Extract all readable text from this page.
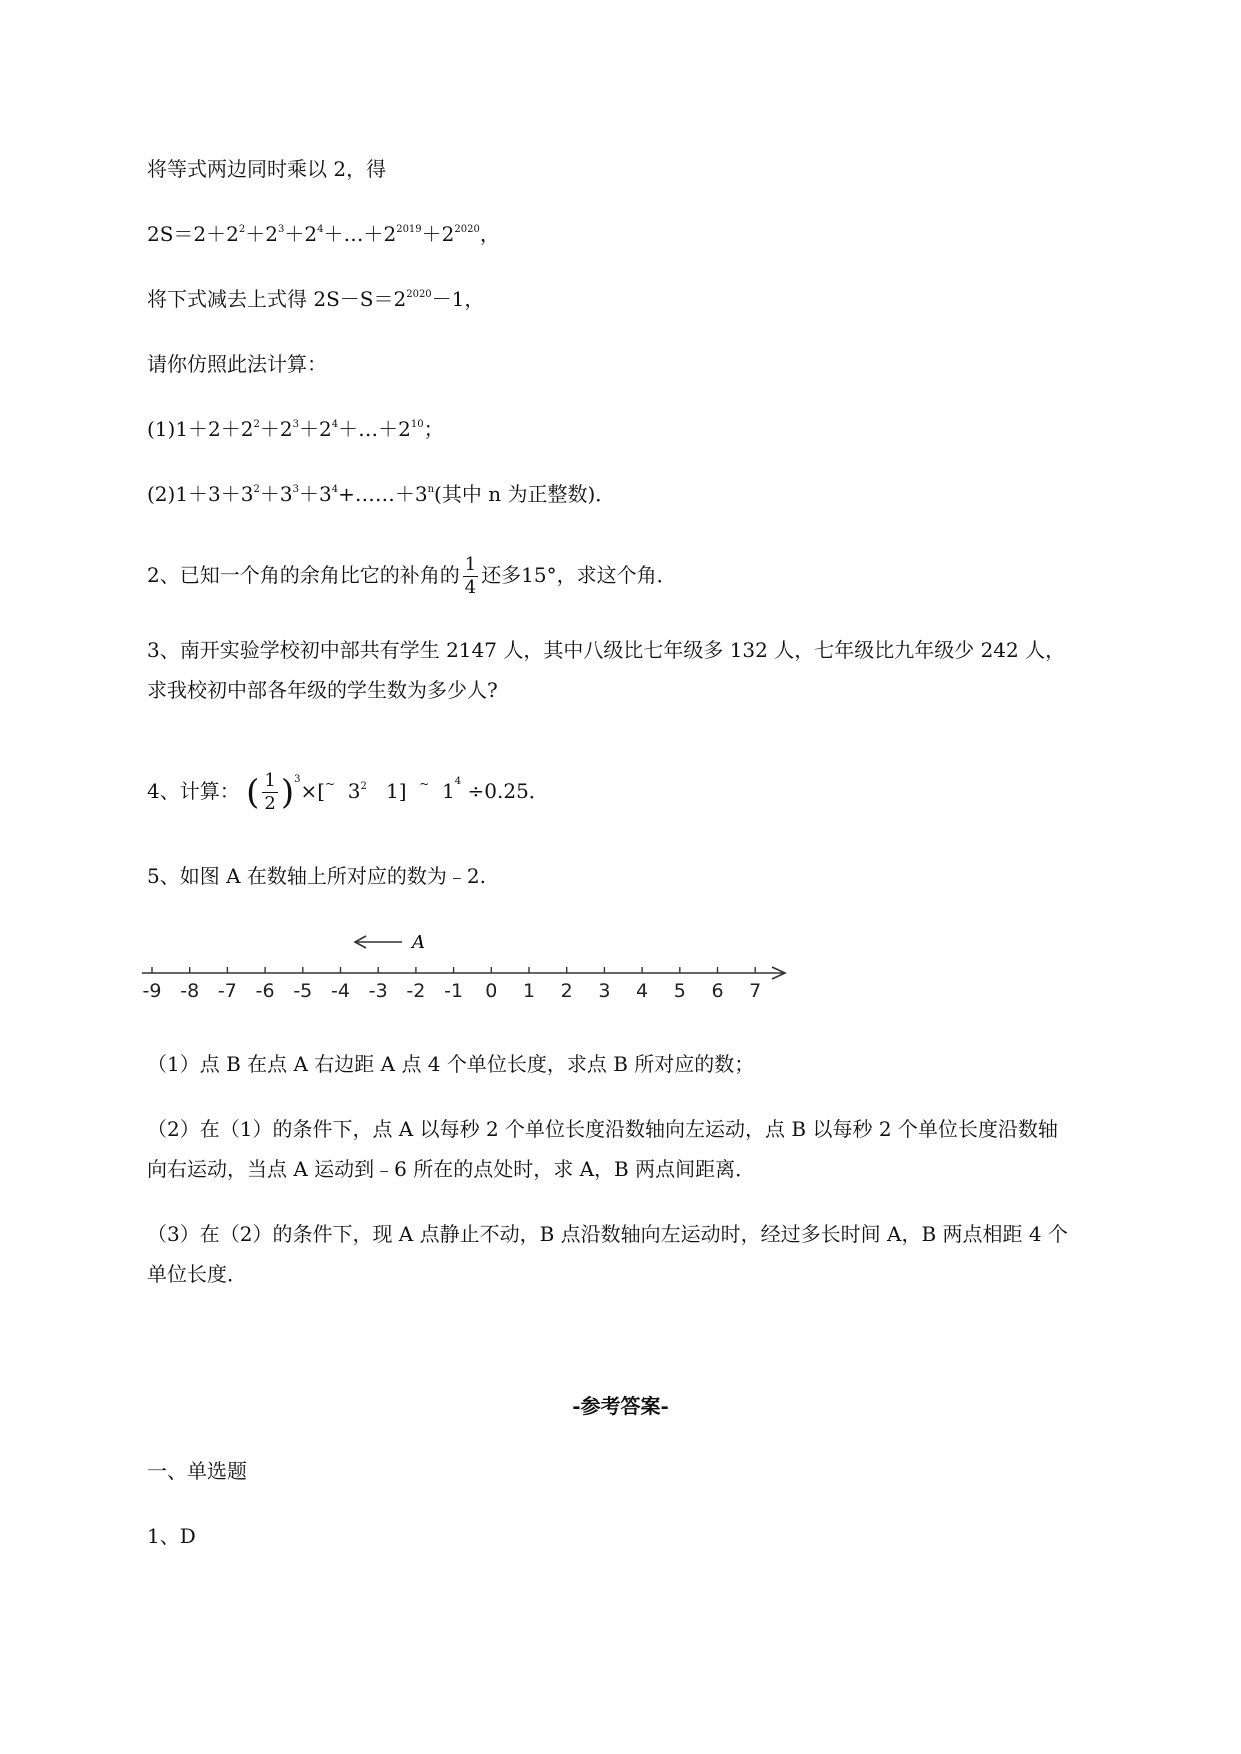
将等式两边同时乘以 2，得
$2S=2+2^2+2^3+2^4+\dots+2^{2019}+2^{2020}$，
将下式减去上式得 $2S-S=2^{2020}-1$，
请你仿照此法计算：
$(1)1+2+2^2+2^3+2^4+\dots+2^{10}$；
$(2)1+3+3^2+3^3+3^4+\dots\dots+3^n$(其中 n 为正整数)．
2、已知一个角的余角比它的补角的 $\frac{1}{4}$ 还多15°，求这个角．
3、南开实验学校初中部共有学生 2147 人，其中八级比七年级多 132 人，七年级比九年级少 242 人，
求我校初中部各年级的学生数为多少人?
4、计算： ( $\frac{1}{2} )^3\times[^\sim$ $3^2$ 1] ~ $1^4 \div 0.25$．
5、如图 A 在数轴上所对应的数为﹣2.
-9 -8 -7 -6 -5 -4 -3 -2 -1 0 1 2 3 4 5 6 7
A
（1）点 B 在点 A 右边距 A 点 4 个单位长度，求点 B 所对应的数；
（2）在（1）的条件下，点 A 以每秒 2 个单位长度沿数轴向左运动，点 B 以每秒 2 个单位长度沿数轴
向右运动，当点 A 运动到﹣6 所在的点处时，求 A，B 两点间距离．
（3）在（2）的条件下，现 A 点静止不动，B 点沿数轴向左运动时，经过多长时间 A，B 两点相距 4 个
单位长度．
-参考答案-
一、单选题
1、D
